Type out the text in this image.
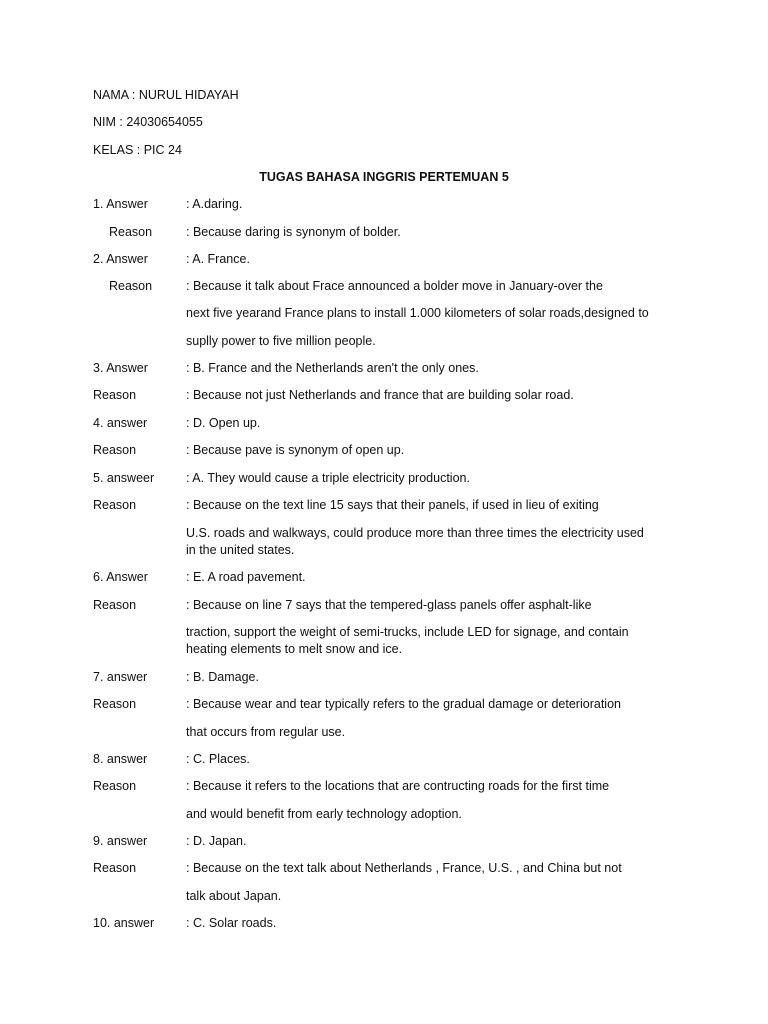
NAMA : NURUL HIDAYAH
NIM : 24030654055
KELAS : PIC 24
TUGAS BAHASA INGGRIS PERTEMUAN 5
1. Answer	: A.daring.
Reason	: Because daring is synonym of bolder.
2. Answer	: A. France.
Reason	: Because it talk about Frace announced a bolder move in January-over the
next five yearand France plans to install 1.000 kilometers of solar roads,designed to
suplly power to five million people.
3. Answer	: B. France and the Netherlands aren't the only ones.
Reason	: Because not just Netherlands and france that are building solar road.
4. answer	: D. Open up.
Reason	: Because pave is synonym of open up.
5. answeer	: A. They would cause a triple electricity production.
Reason	: Because on the text line 15 says that their panels, if used in lieu of exiting
U.S. roads and walkways, could produce more than three times the electricity used
in the united states.
6. Answer	: E. A road pavement.
Reason	: Because on line 7 says that the tempered-glass panels offer asphalt-like
traction, support the weight of semi-trucks, include LED for signage, and contain
heating elements to melt snow and ice.
7. answer	: B. Damage.
Reason	: Because wear and tear typically refers to the gradual damage or deterioration
that occurs from regular use.
8. answer	: C. Places.
Reason	: Because it refers to the locations that are contructing roads for the first time
and would benefit from early technology adoption.
9. answer	: D. Japan.
Reason	: Because on the text talk about Netherlands , France, U.S. , and China but not
talk about Japan.
10. answer	: C. Solar roads.
